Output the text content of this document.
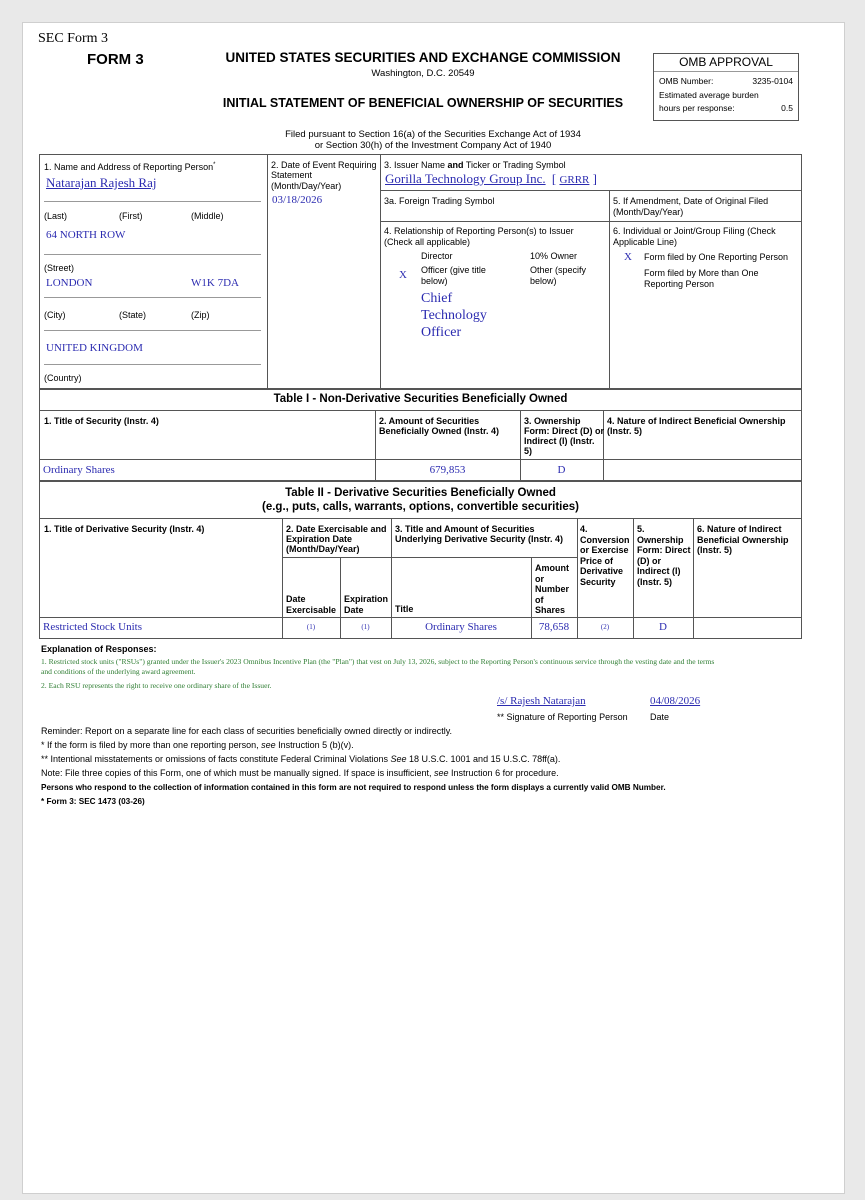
SEC Form 3
FORM 3	UNITED STATES SECURITIES AND EXCHANGE COMMISSION
Washington, D.C. 20549
INITIAL STATEMENT OF BENEFICIAL OWNERSHIP OF SECURITIES
Filed pursuant to Section 16(a) of the Securities Exchange Act of 1934
or Section 30(h) of the Investment Company Act of 1940
OMB APPROVAL
OMB Number:	3235-0104
Estimated average burden
hours per response:	0.5
1. Name and Address of Reporting Person*
Natarajan Rajesh Raj
(Last)	(First)	(Middle)
64 NORTH ROW
(Street)
LONDON	W1K 7DA
(City)	(State)	(Zip)
UNITED KINGDOM
(Country)
2. Date of Event Requiring
Statement
(Month/Day/Year)
03/18/2026
3. Issuer Name and Ticker or Trading Symbol
Gorilla Technology Group Inc. [ GRRR ]
3a. Foreign Trading Symbol	5. If Amendment, Date of Original Filed
(Month/Day/Year)
4. Relationship of Reporting Person(s) to Issuer
(Check all applicable)
Director	10% Owner
X Officer (give title
below)
Other (specify
below)
Chief
Technology
Officer
6. Individual or Joint/Group Filing (Check
Applicable Line)
X Form filed by One Reporting Person
Form filed by More than One
Reporting Person
Table I - Non-Derivative Securities Beneficially Owned
1. Title of Security (Instr. 4)	2. Amount of Securities
Beneficially Owned (Instr. 4)
3. Ownership
Form: Direct (D) or
Indirect (I) (Instr.
5)
4. Nature of Indirect Beneficial Ownership
(Instr. 5)
Ordinary Shares	679,853	D
Table II - Derivative Securities Beneficially Owned
(e.g., puts, calls, warrants, options, convertible securities)
1. Title of Derivative Security (Instr. 4)	2. Date Exercisable and
Expiration Date
(Month/Day/Year)
3. Title and Amount of Securities
Underlying Derivative Security (Instr. 4)
4.
Conversion
or Exercise
Price of
Derivative
Security
5.
Ownership
Form: Direct
(D) or
Indirect (I)
(Instr. 5)
6. Nature of Indirect
Beneficial Ownership
(Instr. 5)
Date
Exercisable
Expiration
Date	Title
Amount
or
Number
of
Shares
Restricted Stock Units	(1)	(1)	Ordinary Shares	78,658	(2)	D
Explanation of Responses:
1. Restricted stock units ("RSUs") granted under the Issuer's 2023 Omnibus Incentive Plan (the "Plan") that vest on July 13, 2026, subject to the Reporting Person's continuous service through the vesting date and the terms
and conditions of the underlying award agreement.
2. Each RSU represents the right to receive one ordinary share of the Issuer.
/s/ Rajesh Natarajan	04/08/2026
** Signature of Reporting Person Date
Reminder: Report on a separate line for each class of securities beneficially owned directly or indirectly.
* If the form is filed by more than one reporting person, see Instruction 5 (b)(v).
** Intentional misstatements or omissions of facts constitute Federal Criminal Violations See 18 U.S.C. 1001 and 15 U.S.C. 78ff(a).
Note: File three copies of this Form, one of which must be manually signed. If space is insufficient, see Instruction 6 for procedure.
Persons who respond to the collection of information contained in this form are not required to respond unless the form displays a currently valid OMB Number.
* Form 3: SEC 1473 (03-26)
